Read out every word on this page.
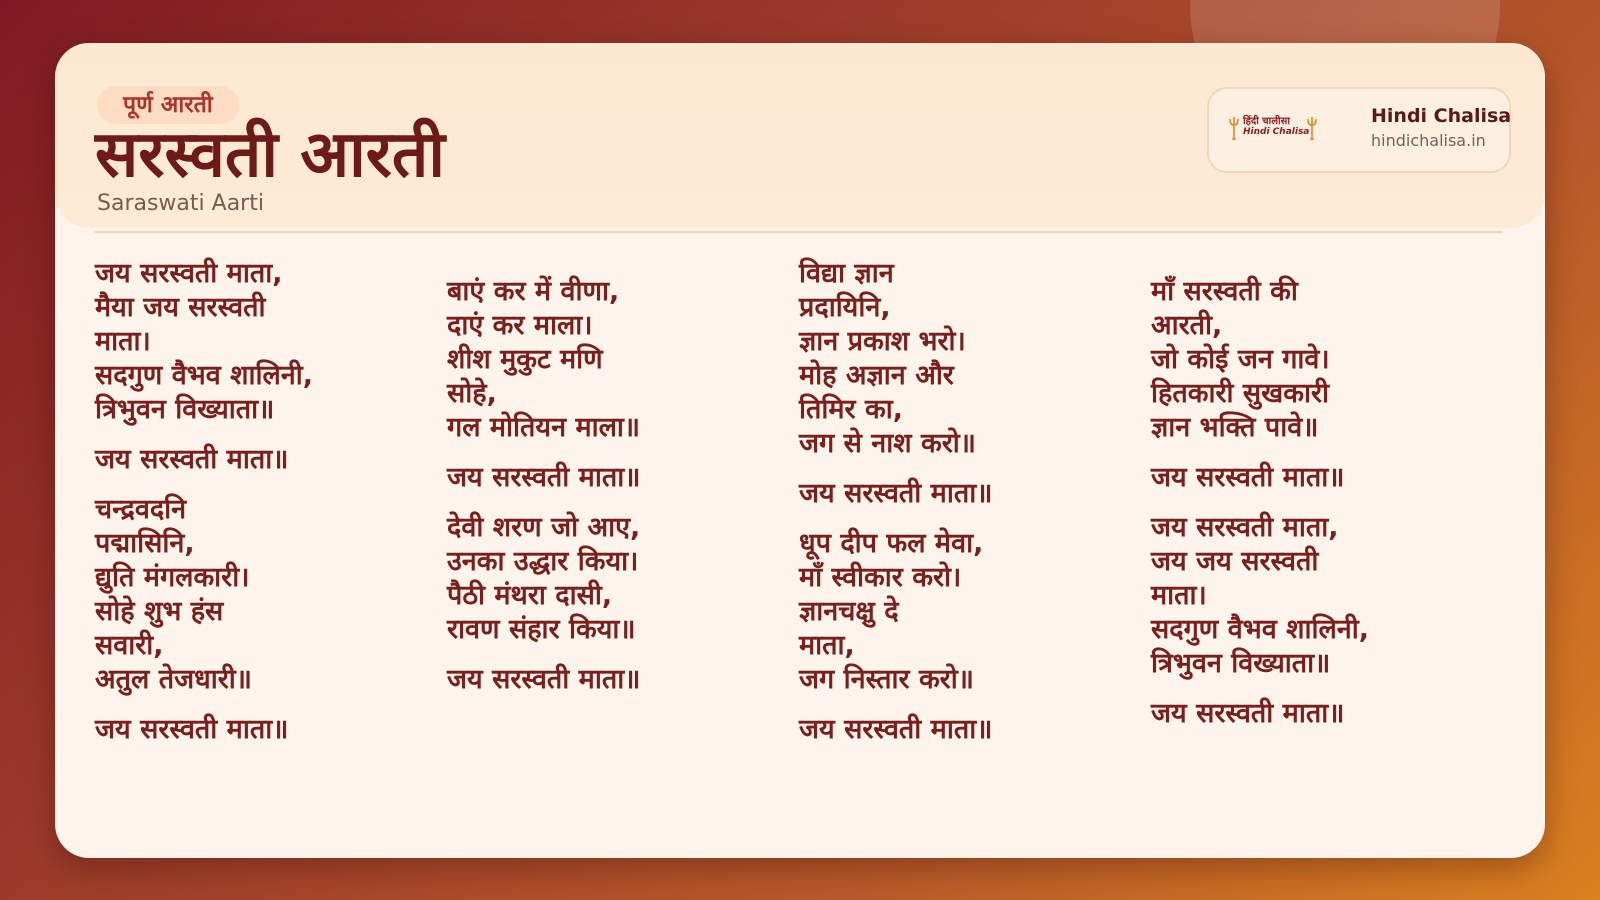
पूर्ण आरती
सरस्वती आरती
Saraswati Aarti
हिंदी चालीसा
Hindi Chalisa
Hindi Chalisa
hindichalisa.in
जय सरस्वती माता,
मैया जय सरस्वती
माता।
सदगुण वैभव शालिनी,
त्रिभुवन विख्याता॥
जय सरस्वती माता॥
चन्द्रवदनि
पद्मासिनि,
द्युति मंगलकारी।
सोहे शुभ हंस
सवारी,
अतुल तेजधारी॥
जय सरस्वती माता॥
बाएं कर में वीणा,
दाएं कर माला।
शीश मुकुट मणि
सोहे,
गल मोतियन माला॥
जय सरस्वती माता॥
देवी शरण जो आए,
उनका उद्धार किया।
पैठी मंथरा दासी,
रावण संहार किया॥
जय सरस्वती माता॥
विद्या ज्ञान
प्रदायिनि,
ज्ञान प्रकाश भरो।
मोह अज्ञान और
तिमिर का,
जग से नाश करो॥
जय सरस्वती माता॥
धूप दीप फल मेवा,
माँ स्वीकार करो।
ज्ञानचक्षु दे
माता,
जग निस्तार करो॥
जय सरस्वती माता॥
माँ सरस्वती की
आरती,
जो कोई जन गावे।
हितकारी सुखकारी
ज्ञान भक्ति पावे॥
जय सरस्वती माता॥
जय सरस्वती माता,
जय जय सरस्वती
माता।
सदगुण वैभव शालिनी,
त्रिभुवन विख्याता॥
जय सरस्वती माता॥
